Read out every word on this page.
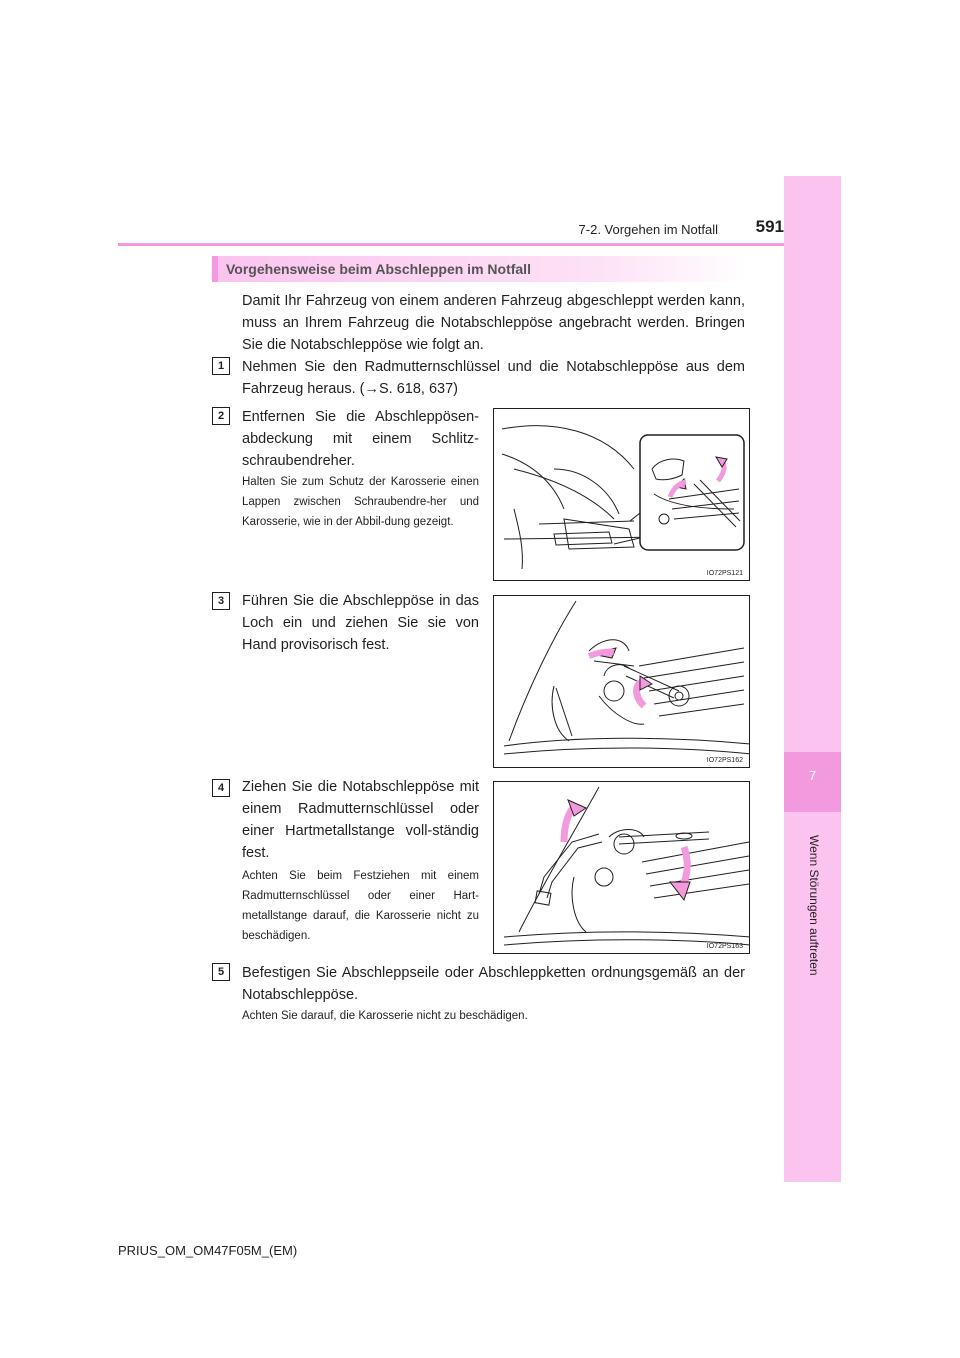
7
Wenn Störungen auftreten
7-2. Vorgehen im Notfall	591
Vorgehensweise beim Abschleppen im Notfall
Damit Ihr Fahrzeug von einem anderen Fahrzeug abgeschleppt werden kann, muss an Ihrem Fahrzeug die Notabschleppöse angebracht werden. Bringen Sie die Notabschleppöse wie folgt an.
1	Nehmen Sie den Radmutternschlüssel und die Notabschleppöse aus dem Fahrzeug heraus. (→S. 618, 637)
2	Entfernen Sie die Abschleppösen-abdeckung mit einem Schlitz-schraubendreher.
Halten Sie zum Schutz der Karosserie einen Lappen zwischen Schraubendre-her und Karosserie, wie in der Abbil-dung gezeigt.
IO72PS121
3	Führen Sie die Abschleppöse in das Loch ein und ziehen Sie sie von Hand provisorisch fest.
IO72PS162
4	Ziehen Sie die Notabschleppöse mit einem Radmutternschlüssel oder einer Hartmetallstange voll-ständig fest.
Achten Sie beim Festziehen mit einem Radmutternschlüssel oder einer Hart-metallstange darauf, die Karosserie nicht zu beschädigen.
IO72PS163
5	Befestigen Sie Abschleppseile oder Abschleppketten ordnungsgemäß an der Notabschleppöse.
Achten Sie darauf, die Karosserie nicht zu beschädigen.
PRIUS_OM_OM47F05M_(EM)
